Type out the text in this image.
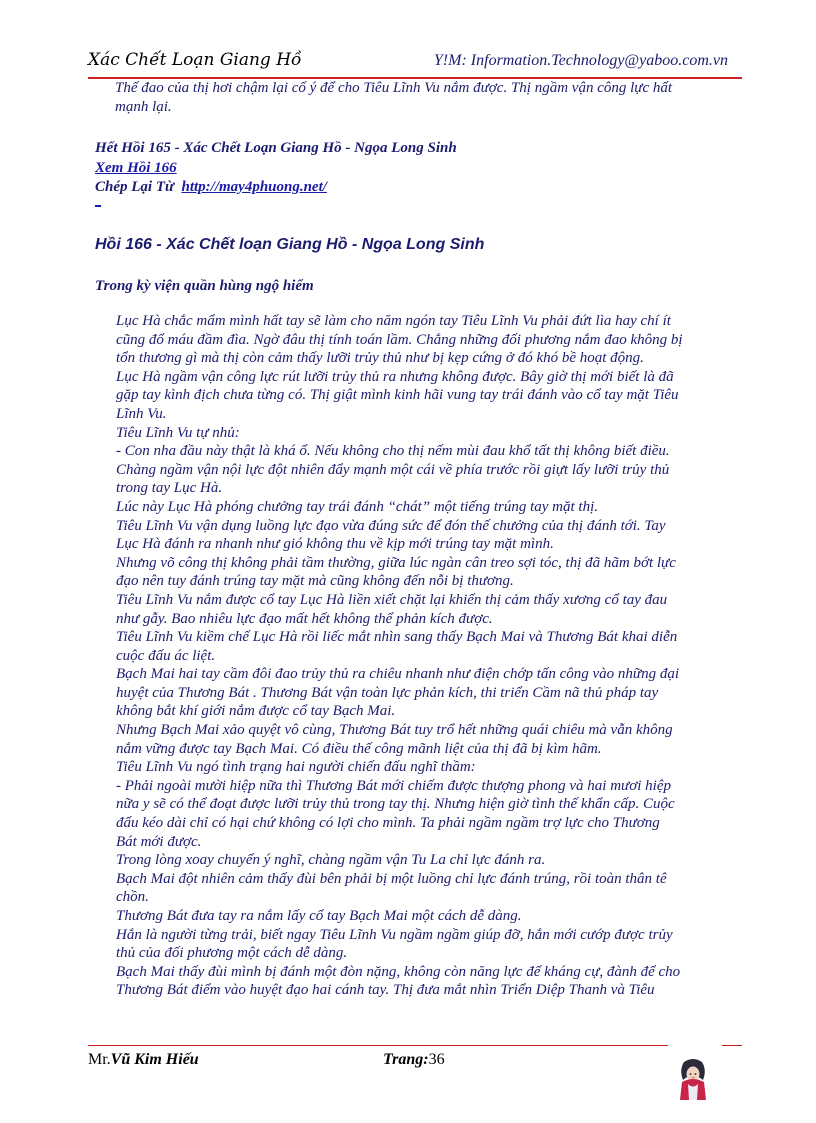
Xác Chết Loạn Giang Hồ	Y!M: Information.Technology@yaboo.com.vn

Thế đao của thị hơi chậm lại cố ý để cho Tiêu Lĩnh Vu nắm được. Thị ngầm vận công lực hất

mạnh lại.

Hết Hồi 165 - Xác Chết Loạn Giang Hồ - Ngọa Long Sinh
Xem Hồi 166
Chép Lại Từ http://may4phuong.net/
Hồi 166 - Xác Chết loạn Giang Hồ - Ngọa Long Sinh
Trong kỳ viện quần hùng ngộ hiểm

Lục Hà chắc mẩm mình hất tay sẽ làm cho năm ngón tay Tiêu Lĩnh Vu phải đứt lìa hay chí ít

cũng đổ máu đầm đìa. Ngờ đâu thị tính toán lầm. Chẳng những đối phương nắm đao không bị

tổn thương gì mà thị còn cảm thấy lưỡi trủy thủ như bị kẹp cứng ở đó khó bề hoạt động.

Lục Hà ngầm vận công lực rút lưỡi trủy thủ ra nhưng không được. Bây giờ thị mới biết là đã

gặp tay kình địch chưa từng có. Thị giật mình kinh hãi vung tay trái đánh vào cổ tay mặt Tiêu

Lĩnh Vu.

Tiêu Lĩnh Vu tự nhủ:

- Con nha đầu này thật là khá ổ. Nếu không cho thị nếm mùi đau khổ tất thị không biết điều.

Chàng ngầm vận nội lực đột nhiên đẩy mạnh một cái về phía trước rồi giựt lấy lưỡi trủy thủ

trong tay Lục Hà.

Lúc này Lục Hà phóng chưởng tay trái đánh “chát” một tiếng trúng tay mặt thị.

Tiêu Lĩnh Vu vận dụng luồng lực đạo vừa đúng sức để đón thế chưởng của thị đánh tới. Tay

Lục Hà đánh ra nhanh như gió không thu về kịp mới trúng tay mặt mình.

Nhưng võ công thị không phải tầm thường, giữa lúc ngàn cân treo sợi tóc, thị đã hãm bớt lực

đạo nên tuy đánh trúng tay mặt mà cũng không đến nỗi bị thương.

Tiêu Lĩnh Vu nắm được cổ tay Lục Hà liền xiết chặt lại khiến thị cảm thấy xương cổ tay đau

như gẫy. Bao nhiêu lực đạo mất hết không thể phản kích được.

Tiêu Lĩnh Vu kiềm chế Lục Hà rồi liếc mắt nhìn sang thấy Bạch Mai và Thương Bát khai diễn

cuộc đấu ác liệt.

Bạch Mai hai tay cầm đôi đao trủy thủ ra chiêu nhanh như điện chớp tấn công vào những đại

huyệt của Thương Bát . Thương Bát vận toàn lực phản kích, thi triển Cầm nã thủ pháp tay

không bắt khí giới nắm được cổ tay Bạch Mai.

Nhưng Bạch Mai xảo quyệt vô cùng, Thương Bát tuy trổ hết những quái chiêu mà vẫn không

nắm vững được tay Bạch Mai. Có điều thế công mãnh liệt của thị đã bị kìm hãm.

Tiêu Lĩnh Vu ngó tình trạng hai người chiến đấu nghĩ thầm:

- Phải ngoài mười hiệp nữa thì Thương Bát mới chiếm được thượng phong và hai mươi hiệp

nữa y sẽ có thể đoạt được lưỡi trủy thủ trong tay thị. Nhưng hiện giờ tình thế khẩn cấp. Cuộc

đấu kéo dài chỉ có hại chứ không có lợi cho mình. Ta phải ngầm ngầm trợ lực cho Thương

Bát mới được.

Trong lòng xoay chuyển ý nghĩ, chàng ngầm vận Tu La chỉ lực đánh ra.

Bạch Mai đột nhiên cảm thấy đùi bên phải bị một luồng chỉ lực đánh trúng, rồi toàn thân tê

chồn.

Thương Bát đưa tay ra nắm lấy cổ tay Bạch Mai một cách dễ dàng.

Hắn là người từng trải, biết ngay Tiêu Lĩnh Vu ngầm ngầm giúp đỡ, hắn mới cướp được trủy

thủ của đối phương một cách dễ dàng.

Bạch Mai thấy đùi mình bị đánh một đòn nặng, không còn năng lực để kháng cự, đành để cho

Thương Bát điểm vào huyệt đạo hai cánh tay. Thị đưa mắt nhìn Triển Diệp Thanh và Tiêu

Mr.Vũ Kim Hiếu	Trang:36
